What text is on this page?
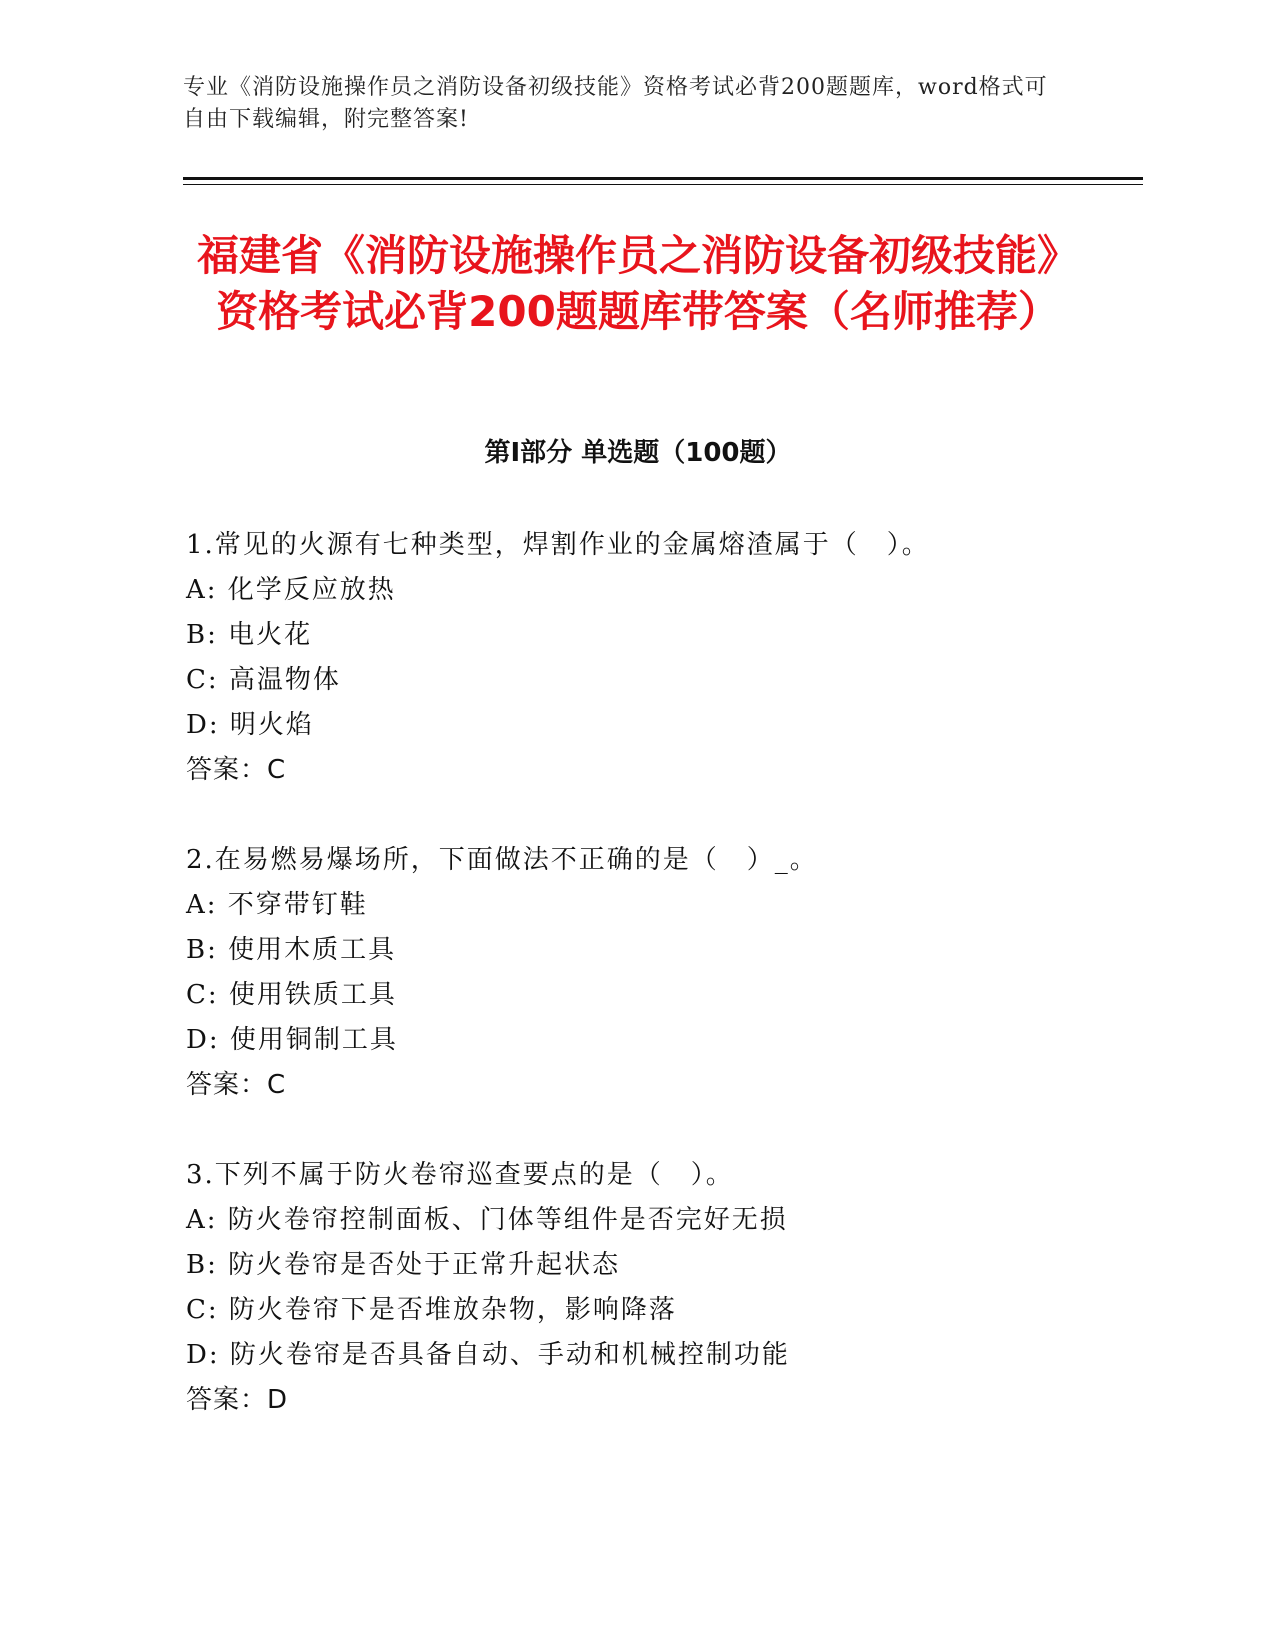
专业《消防设施操作员之消防设备初级技能》资格考试必背200题题库，word格式可自由下载编辑，附完整答案!
福建省《消防设施操作员之消防设备初级技能》资格考试必背200题题库带答案（名师推荐）
第I部分 单选题（100题）
1.常见的火源有七种类型，焊割作业的金属熔渣属于（　）。
A: 化学反应放热
B: 电火花
C: 高温物体
D: 明火焰
答案：C
2.在易燃易爆场所，下面做法不正确的是（　）_。
A: 不穿带钉鞋
B: 使用木质工具
C: 使用铁质工具
D: 使用铜制工具
答案：C
3.下列不属于防火卷帘巡查要点的是（　）。
A: 防火卷帘控制面板、门体等组件是否完好无损
B: 防火卷帘是否处于正常升起状态
C: 防火卷帘下是否堆放杂物，影响降落
D: 防火卷帘是否具备自动、手动和机械控制功能
答案：D
